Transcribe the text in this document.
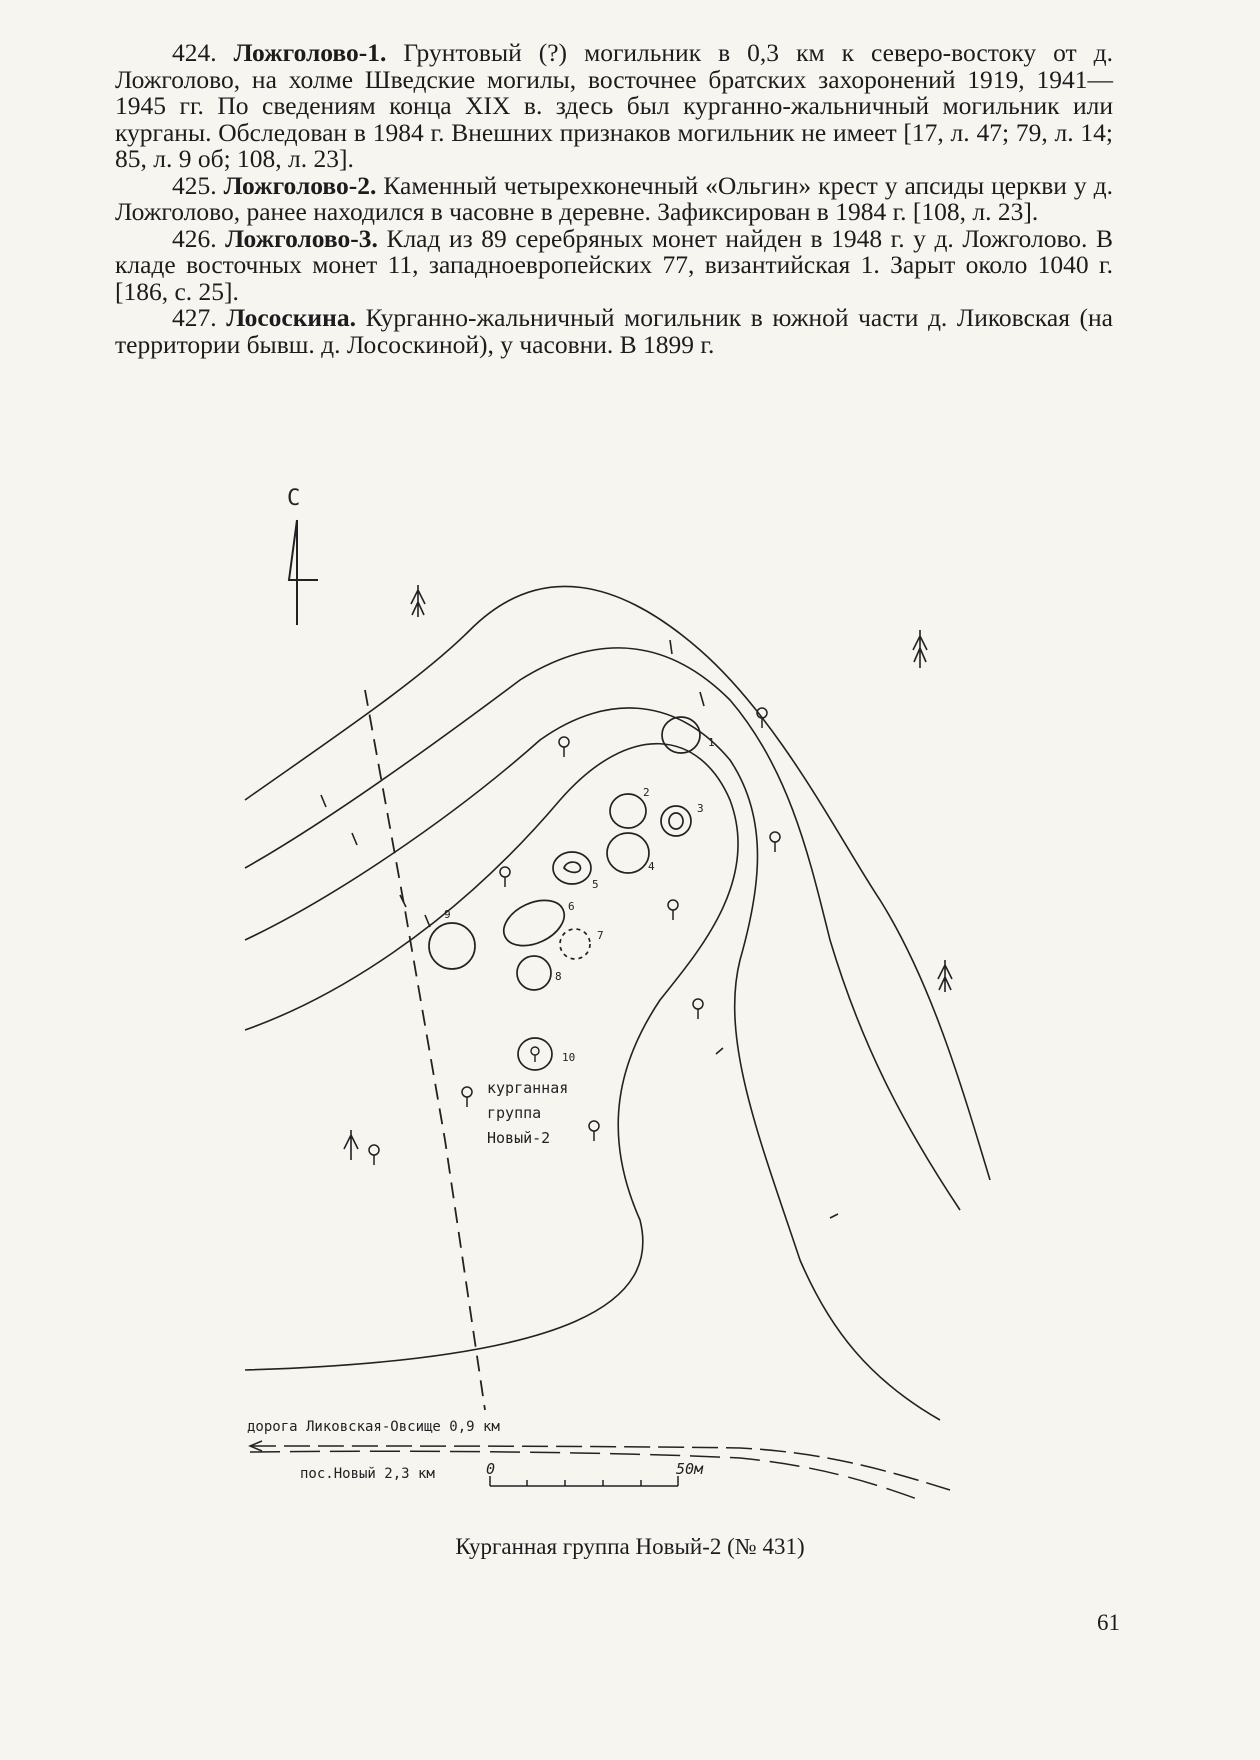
424. Ложголово-1. Грунтовый (?) могильник в 0,3 км к северо-востоку от д. Ложголово, на холме Шведские могилы, восточнее братских захоронений 1919, 1941—1945 гг. По сведениям конца XIX в. здесь был курганно-жальничный могильник или курганы. Обследован в 1984 г. Внешних признаков могильник не имеет [17, л. 47; 79, л. 14; 85, л. 9 об; 108, л. 23].

425. Ложголово-2. Каменный четырехконечный «Ольгин» крест у апсиды церкви у д. Ложголово, ранее находился в часовне в деревне. Зафиксирован в 1984 г. [108, л. 23].

426. Ложголово-3. Клад из 89 серебряных монет найден в 1948 г. у д. Ложголово. В кладе восточных монет 11, западноевропейских 77, византийская 1. Зарыт около 1040 г. [186, с. 25].

427. Лососкина. Курганно-жальничный могильник в южной части д. Ликовская (на территории бывш. д. Лососкиной), у часовни. В 1899 г.

С
1
2
3
4
5
6
7
8
9
10
курганная
группа
Новый-2
дорога Ликовская-Овсище 0,9 км
пос.Новый 2,3 км	0	50м
Курганная группа Новый-2 (№ 431)
61
